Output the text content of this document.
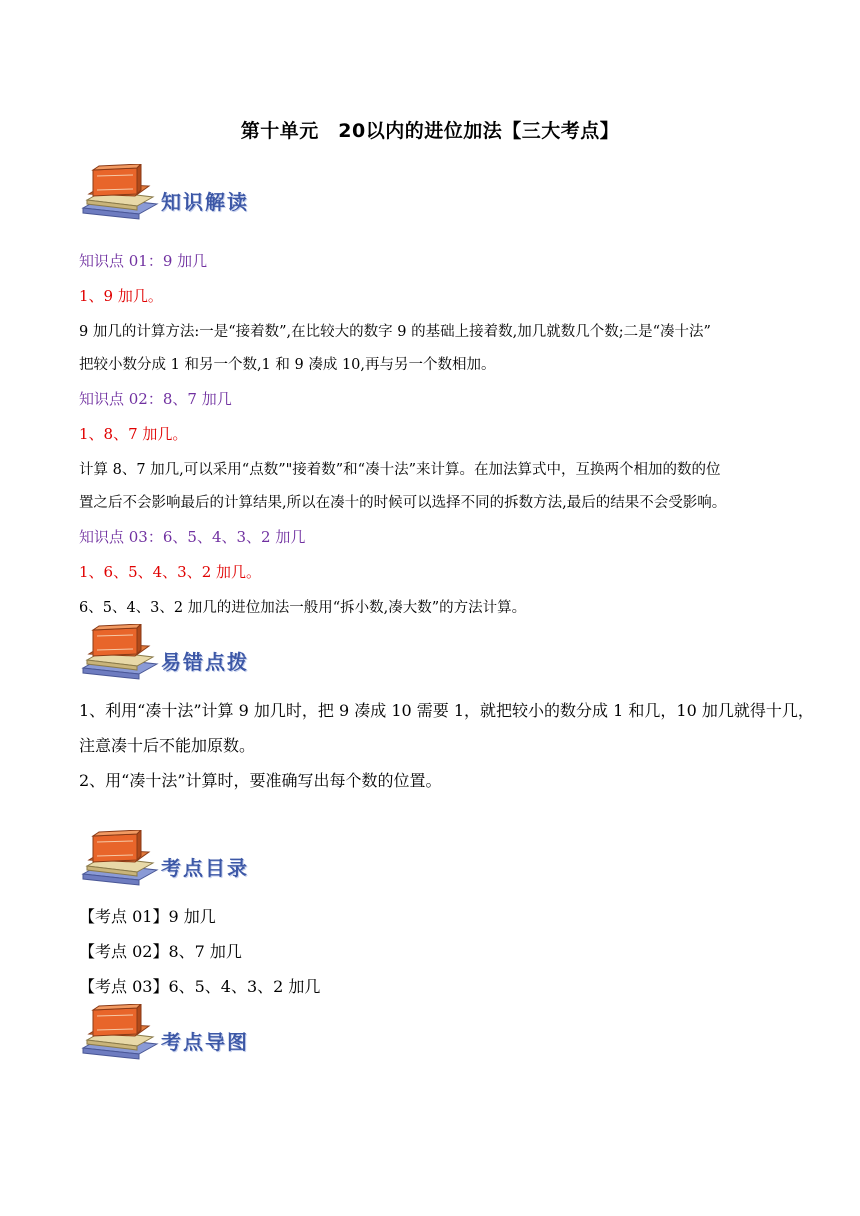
第十单元　20以内的进位加法【三大考点】
知识解读
知识点 01：9 加几
1、9 加几。
9 加几的计算方法:一是“接着数”,在比较大的数字 9 的基础上接着数,加几就数几个数;二是“凑十法”
把较小数分成 1 和另一个数,1 和 9 凑成 10,再与另一个数相加。
知识点 02：8、7 加几
1、8、7 加几。
计算 8、7 加几,可以采用“点数”"接着数”和“凑十法”来计算。在加法算式中，互换两个相加的数的位
置之后不会影响最后的计算结果,所以在凑十的时候可以选择不同的拆数方法,最后的结果不会受影响。
知识点 03：6、5、4、3、2 加几
1、6、5、4、3、2 加几。
6、5、4、3、2 加几的进位加法一般用“拆小数,凑大数”的方法计算。
易错点拨
1、利用“凑十法”计算 9 加几时，把 9 凑成 10 需要 1，就把较小的数分成 1 和几，10 加几就得十几，
注意凑十后不能加原数。
2、用“凑十法”计算时，要准确写出每个数的位置。
考点目录
【考点 01】9 加几
【考点 02】8、7 加几
【考点 03】6、5、4、3、2 加几
考点导图
